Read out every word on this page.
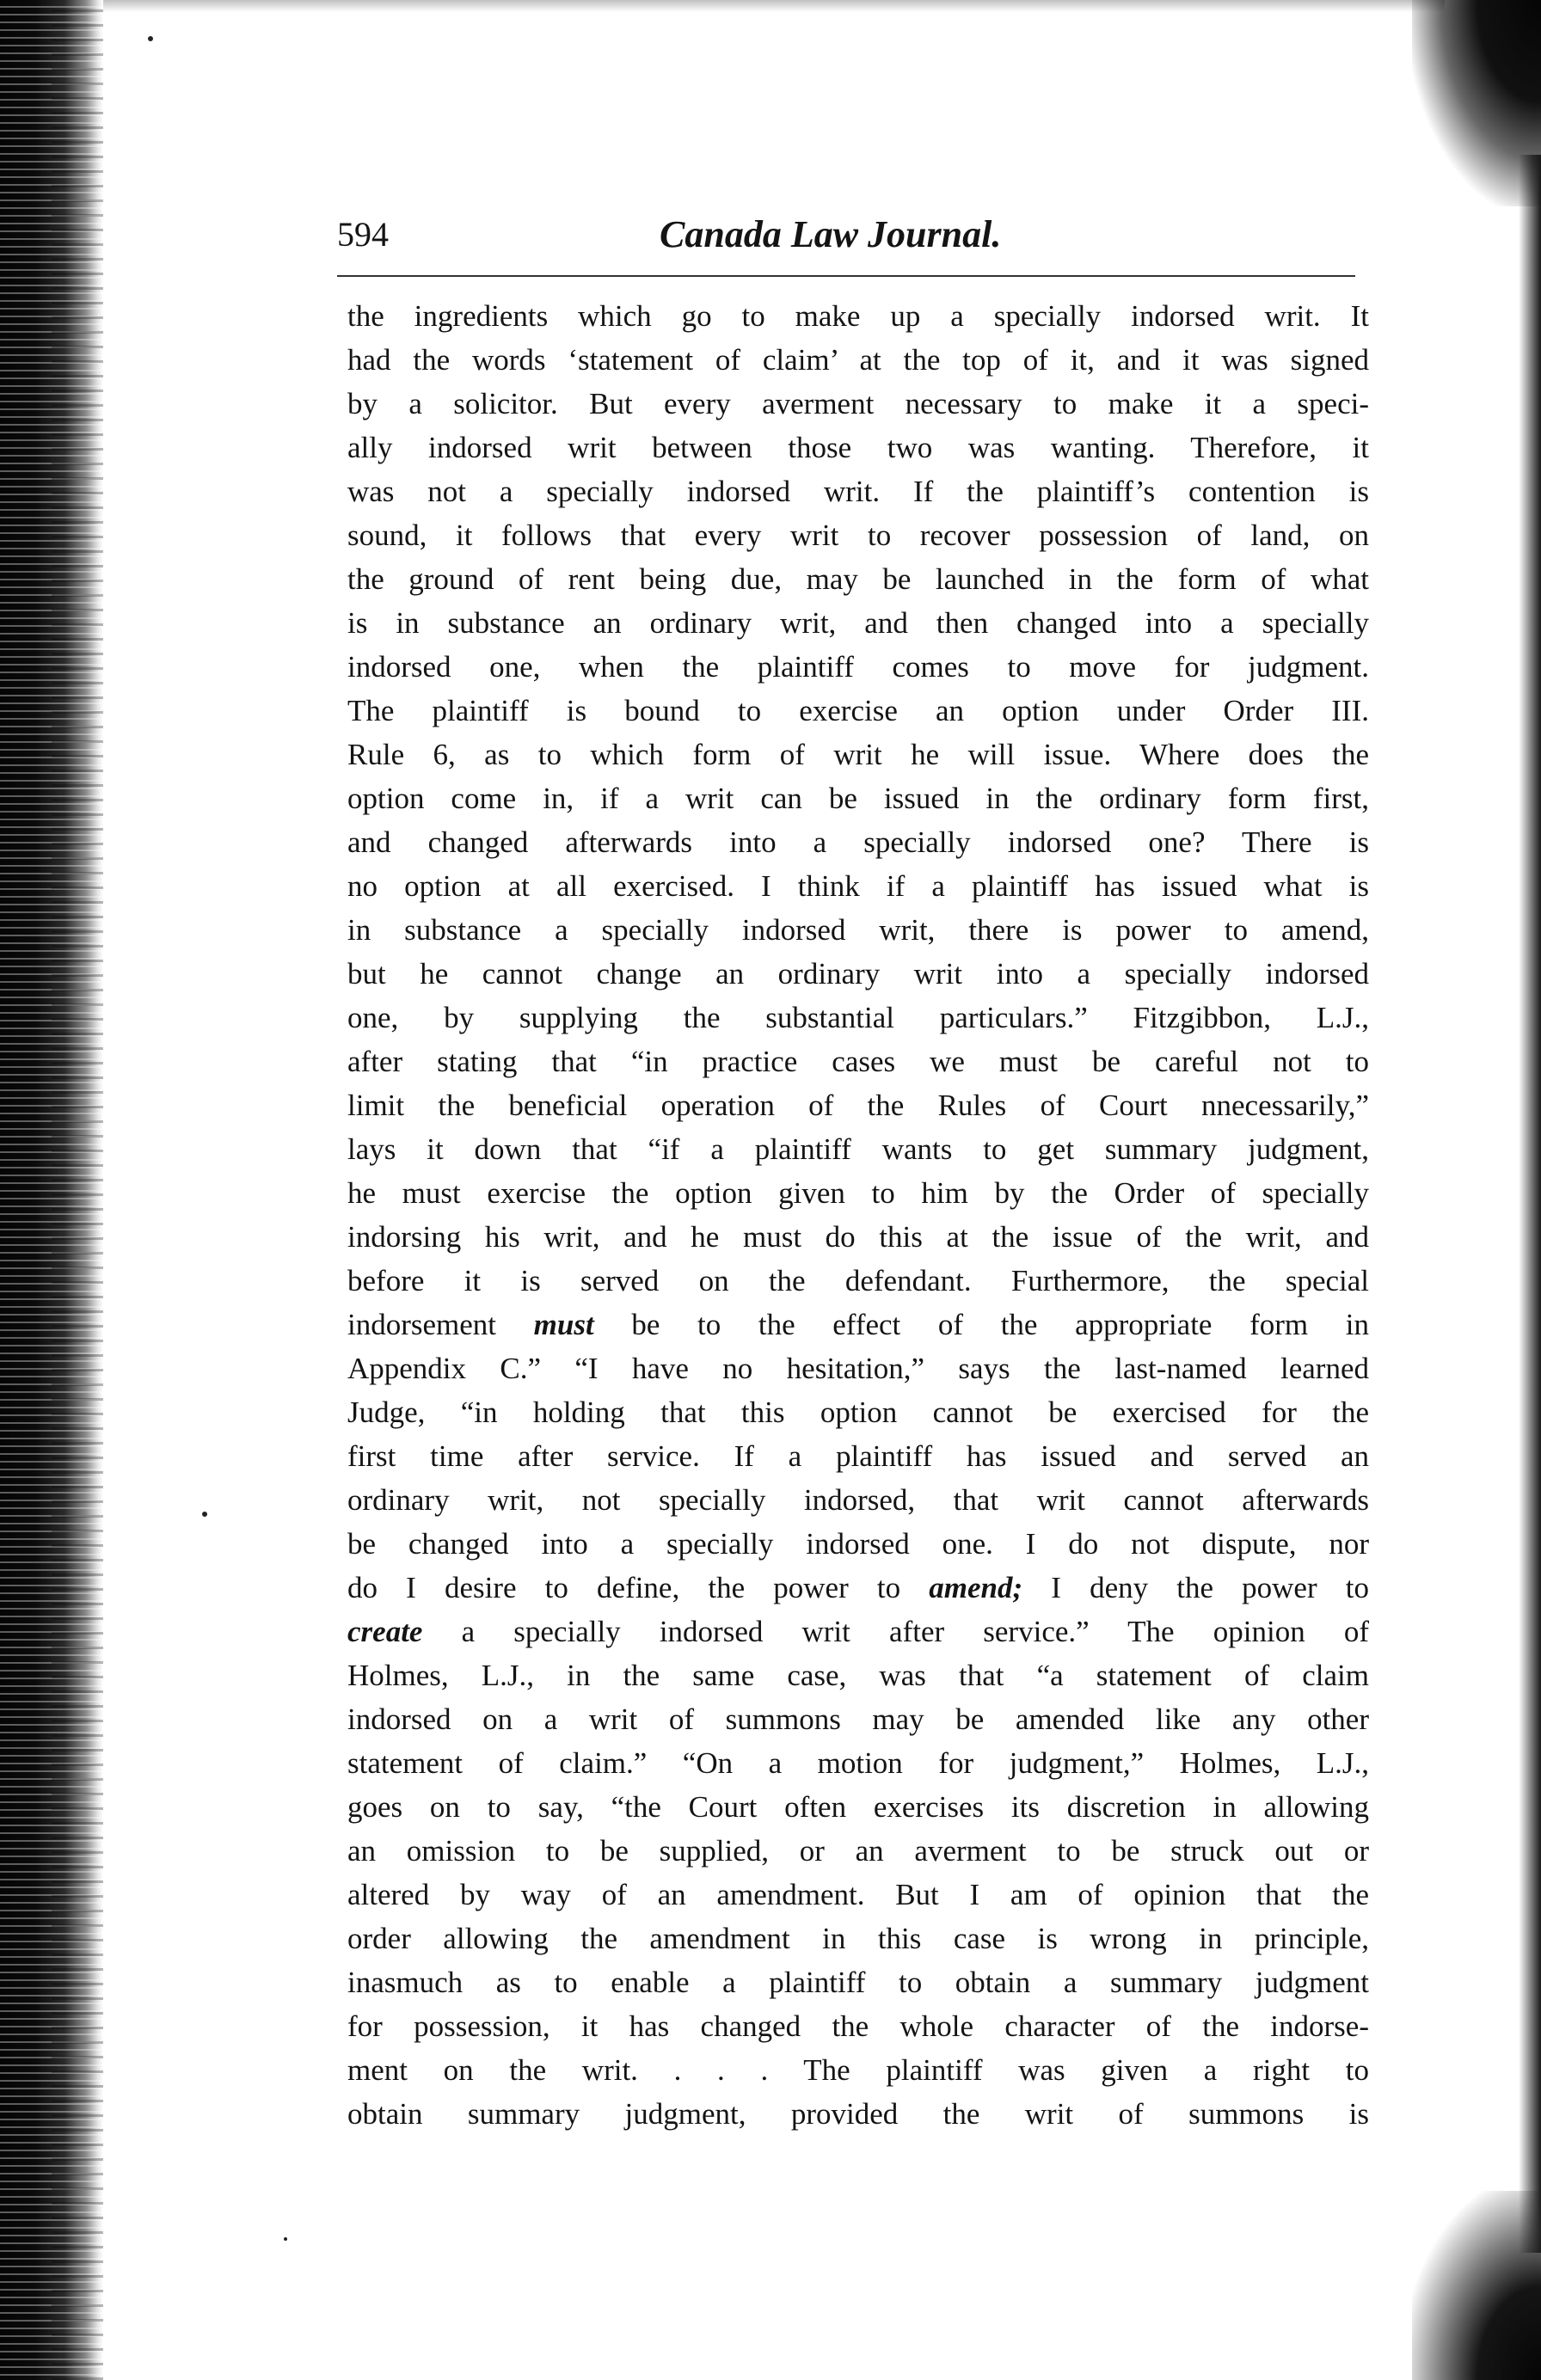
594	Canada Law Journal.
the ingredients which go to make up a specially indorsed writ. It
had the words ‘statement of claim’ at the top of it, and it was signed
by a solicitor. But every averment necessary to make it a speci-
ally indorsed writ between those two was wanting. Therefore, it
was not a specially indorsed writ. If the plaintiff’s contention is
sound, it follows that every writ to recover possession of land, on
the ground of rent being due, may be launched in the form of what
is in substance an ordinary writ, and then changed into a specially
indorsed one, when the plaintiff comes to move for judgment.
The plaintiff is bound to exercise an option under Order III.
Rule 6, as to which form of writ he will issue. Where does the
option come in, if a writ can be issued in the ordinary form first,
and changed afterwards into a specially indorsed one? There is
no option at all exercised. I think if a plaintiff has issued what is
in substance a specially indorsed writ, there is power to amend,
but he cannot change an ordinary writ into a specially indorsed
one, by supplying the substantial particulars.” Fitzgibbon, L.J.,
after stating that “in practice cases we must be careful not to
limit the beneficial operation of the Rules of Court nnecessarily,”
lays it down that “if a plaintiff wants to get summary judgment,
he must exercise the option given to him by the Order of specially
indorsing his writ, and he must do this at the issue of the writ, and
before it is served on the defendant. Furthermore, the special
indorsement must be to the effect of the appropriate form in
Appendix C.” “I have no hesitation,” says the last-named learned
Judge, “in holding that this option cannot be exercised for the
first time after service. If a plaintiff has issued and served an
ordinary writ, not specially indorsed, that writ cannot afterwards
be changed into a specially indorsed one. I do not dispute, nor
do I desire to define, the power to amend; I deny the power to
create a specially indorsed writ after service.” The opinion of
Holmes, L.J., in the same case, was that “a statement of claim
indorsed on a writ of summons may be amended like any other
statement of claim.” “On a motion for judgment,” Holmes, L.J.,
goes on to say, “the Court often exercises its discretion in allowing
an omission to be supplied, or an averment to be struck out or
altered by way of an amendment. But I am of opinion that the
order allowing the amendment in this case is wrong in principle,
inasmuch as to enable a plaintiff to obtain a summary judgment
for possession, it has changed the whole character of the indorse-
ment on the writ. . . . The plaintiff was given a right to
obtain summary judgment, provided the writ of summons is
